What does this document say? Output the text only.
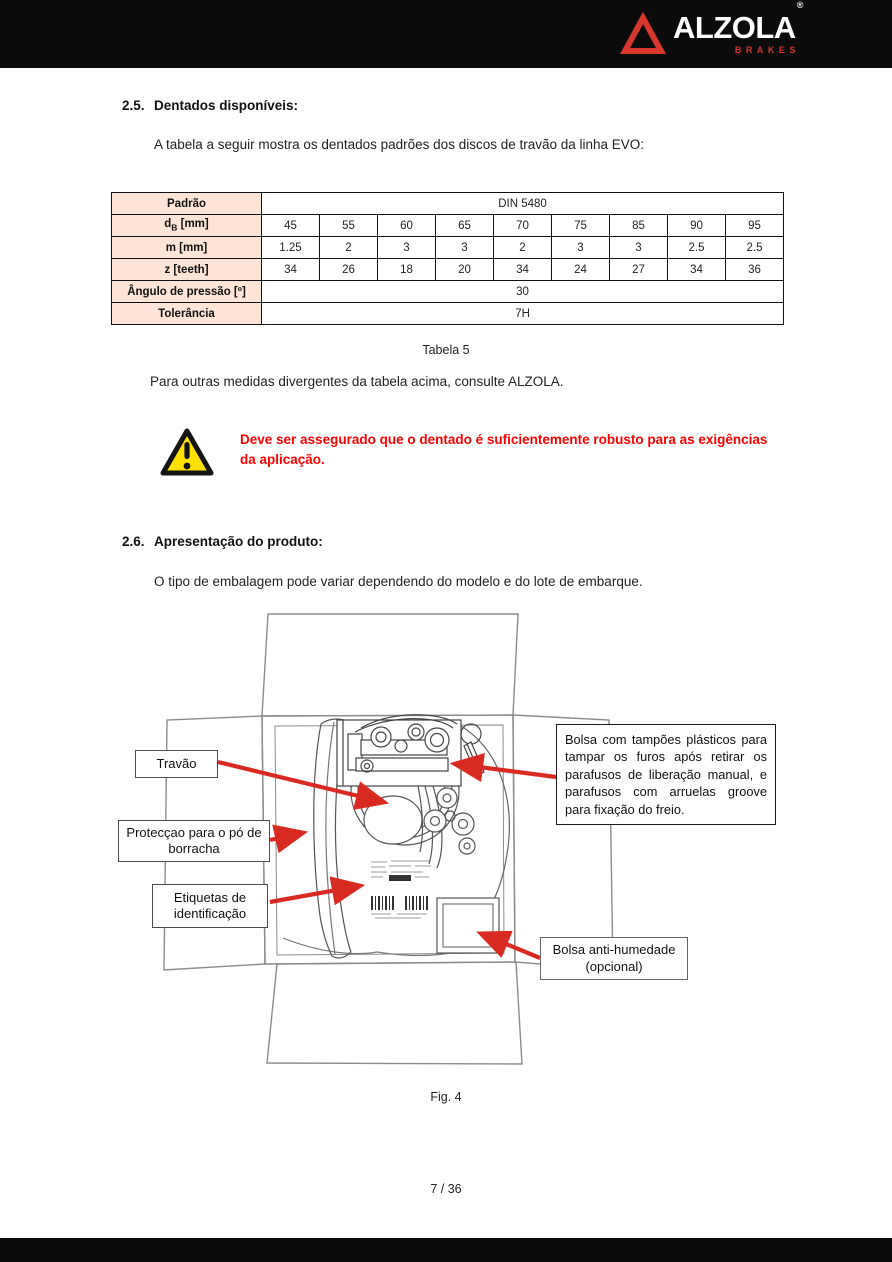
ALZOLA®
BRAKES
2.5. Dentados disponíveis:
A tabela a seguir mostra os dentados padrões dos discos de travão da linha EVO:
Padrão	DIN 5480								
$d_B$ [mm]	45	55	60	65	70	75	85	90	95
m [mm]	1.25	2	3	3	2	3	3	2.5	2.5
z [teeth]	34	26	18	20	34	24	27	34	36
Ângulo de pressão [º]	30								
Tolerância	7H								
Tabela 5
Para outras medidas divergentes da tabela acima, consulte ALZOLA.
Deve ser assegurado que o dentado é suficientemente robusto para as exigências da aplicação.
2.6. Apresentação do produto:
O tipo de embalagem pode variar dependendo do modelo e do lote de embarque.
Travão
Protecçao para o pó de borracha
Etiquetas de identificação
Bolsa com tampões plásticos para tampar os furos após retirar os parafusos de liberação manual, e parafusos com arruelas groove para fixação do freio.
Bolsa anti-humedade (opcional)
Fig. 4
7 / 36
